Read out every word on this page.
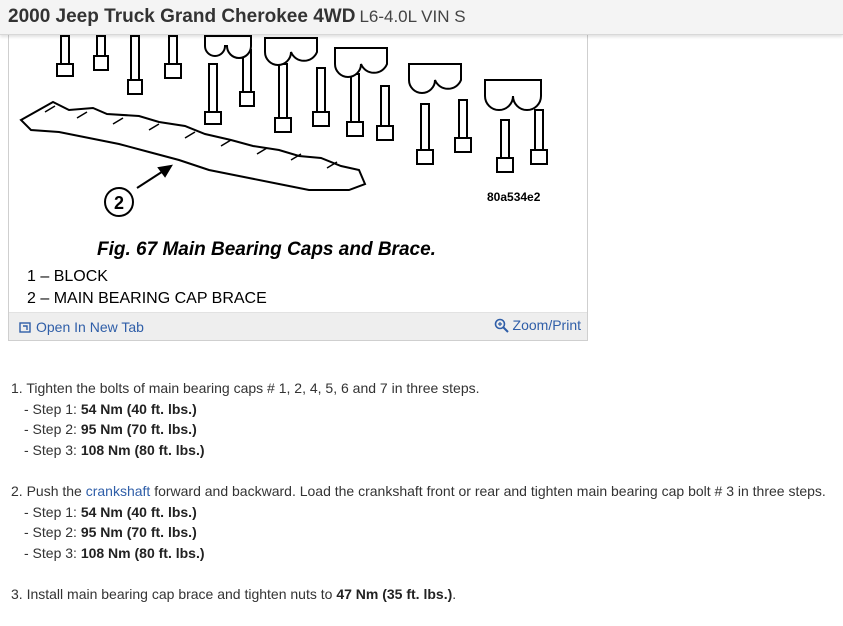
2000 Jeep Truck Grand Cherokee 4WD L6-4.0L VIN S
2	80a534e2
Fig. 67 Main Bearing Caps and Brace.
1 – BLOCK
2 – MAIN BEARING CAP BRACE
Open In New Tab	Zoom/Print
1. Tighten the bolts of main bearing caps # 1, 2, 4, 5, 6 and 7 in three steps.
- Step 1: 54 Nm (40 ft. lbs.)
- Step 2: 95 Nm (70 ft. lbs.)
- Step 3: 108 Nm (80 ft. lbs.)
2. Push the crankshaft forward and backward. Load the crankshaft front or rear and tighten main bearing cap bolt # 3 in three steps.
- Step 1: 54 Nm (40 ft. lbs.)
- Step 2: 95 Nm (70 ft. lbs.)
- Step 3: 108 Nm (80 ft. lbs.)
3. Install main bearing cap brace and tighten nuts to 47 Nm (35 ft. lbs.).
